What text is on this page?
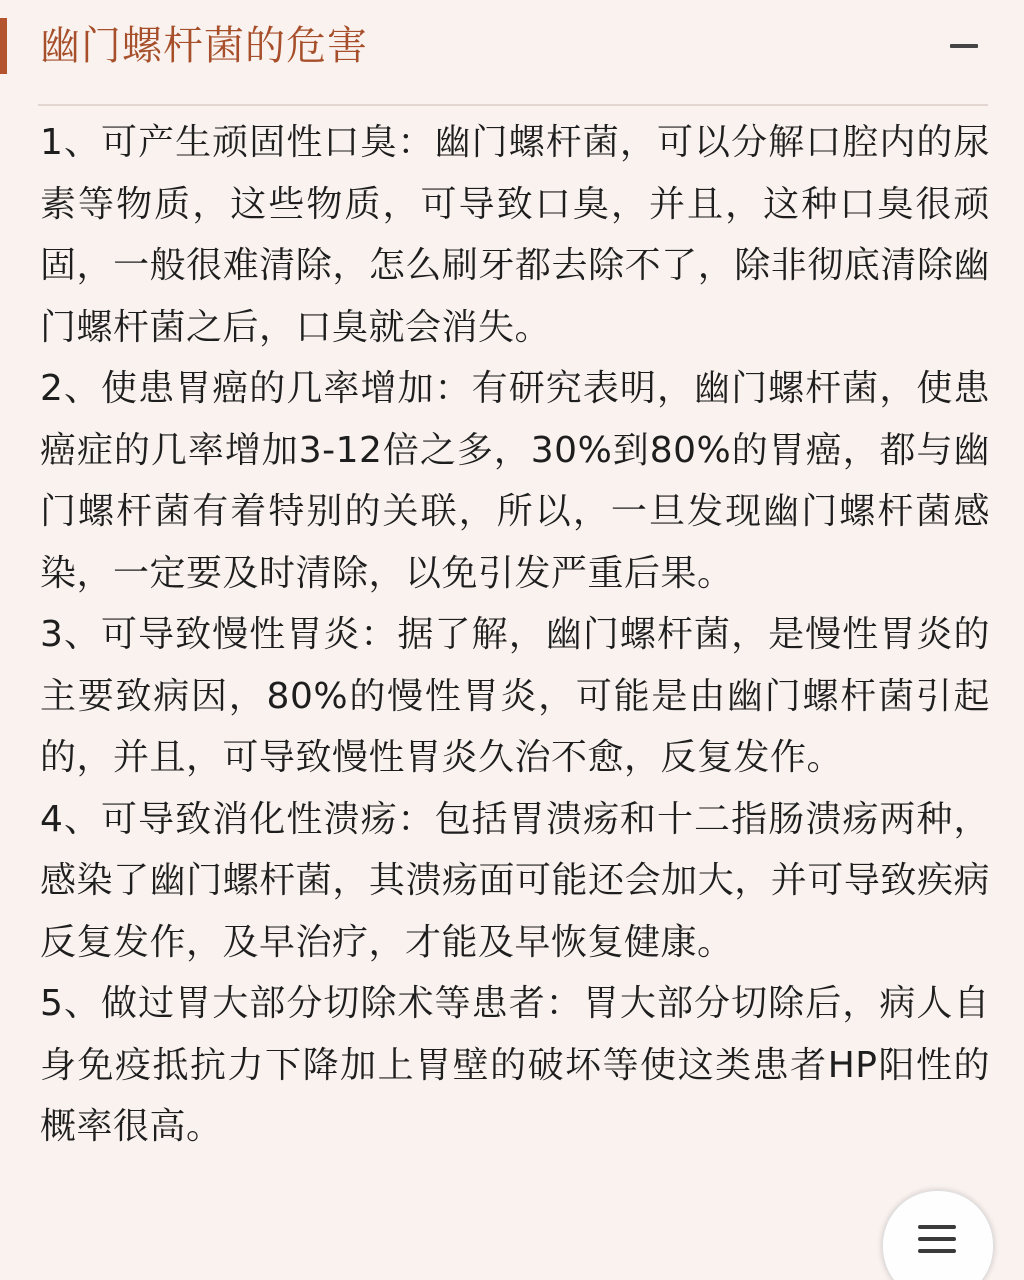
幽门螺杆菌的危害

1、可产生顽固性口臭：幽门螺杆菌，可以分解口腔内的尿素等物质，这些物质，可导致口臭，并且，这种口臭很顽固，一般很难清除，怎么刷牙都去除不了，除非彻底清除幽门螺杆菌之后，口臭就会消失。

2、使患胃癌的几率增加：有研究表明，幽门螺杆菌，使患癌症的几率增加3-12倍之多，30%到80%的胃癌，都与幽门螺杆菌有着特别的关联，所以，一旦发现幽门螺杆菌感染，一定要及时清除，以免引发严重后果。

3、可导致慢性胃炎：据了解，幽门螺杆菌，是慢性胃炎的主要致病因，80%的慢性胃炎，可能是由幽门螺杆菌引起的，并且，可导致慢性胃炎久治不愈，反复发作。

4、可导致消化性溃疡：包括胃溃疡和十二指肠溃疡两种，感染了幽门螺杆菌，其溃疡面可能还会加大，并可导致疾病反复发作，及早治疗，才能及早恢复健康。

5、做过胃大部分切除术等患者：胃大部分切除后，病人自身免疫抵抗力下降加上胃壁的破坏等使这类患者HP阳性的概率很高。
